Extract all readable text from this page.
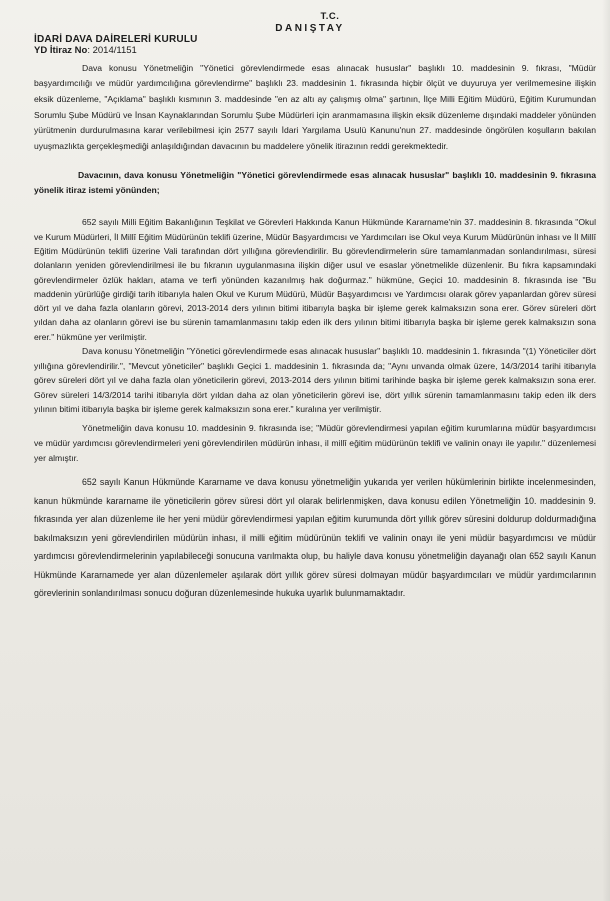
T.C.
DANIŞTAY
İDARİ DAVA DAİRELERİ KURULU
YD İtiraz No: 2014/1151

Dava konusu Yönetmeliğin "Yönetici görevlendirmede esas alınacak hususlar" başlıklı 10. maddesinin 9. fıkrası, "Müdür başyardımcılığı ve müdür yardımcılığına görevlendirme" başlıklı 23. maddesinin 1. fıkrasında hiçbir ölçüt ve duyuruya yer verilmemesine ilişkin eksik düzenleme, "Açıklama" başlıklı kısmının 3. maddesinde "en az altı ay çalışmış olma" şartının, İlçe Milli Eğitim Müdürü, Eğitim Kurumundan Sorumlu Şube Müdürü ve İnsan Kaynaklarından Sorumlu Şube Müdürleri için aranmamasına ilişkin eksik düzenleme dışındaki maddeler yönünden yürütmenin durdurulmasına karar verilebilmesi için 2577 sayılı İdari Yargılama Usulü Kanunu'nun 27. maddesinde öngörülen koşulların bakılan uyuşmazlıkta gerçekleşmediği anlaşıldığından davacının bu maddelere yönelik itirazının reddi gerekmektedir.

Davacının, dava konusu Yönetmeliğin "Yönetici görevlendirmede esas alınacak hususlar" başlıklı 10. maddesinin 9. fıkrasına yönelik itiraz istemi yönünden;

652 sayılı Milli Eğitim Bakanlığının Teşkilat ve Görevleri Hakkında Kanun Hükmünde Kararname'nin 37. maddesinin 8. fıkrasında "Okul ve Kurum Müdürleri, İl Millî Eğitim Müdürünün teklifi üzerine, Müdür Başyardımcısı ve Yardımcıları ise Okul veya Kurum Müdürünün inhası ve İl Millî Eğitim Müdürünün teklifi üzerine Vali tarafından dört yıllığına görevlendirilir. Bu görevlendirmelerin süre tamamlanmadan sonlandırılması, süresi dolanların yeniden görevlendirilmesi ile bu fıkranın uygulanmasına ilişkin diğer usul ve esaslar yönetmelikle düzenlenir. Bu fıkra kapsamındaki görevlendirmeler özlük hakları, atama ve terfi yönünden kazanılmış hak doğurmaz." hükmüne, Geçici 10. maddesinin 8. fıkrasında ise "Bu maddenin yürürlüğe girdiği tarih itibarıyla halen Okul ve Kurum Müdürü, Müdür Başyardımcısı ve Yardımcısı olarak görev yapanlardan görev süresi dört yıl ve daha fazla olanların görevi, 2013-2014 ders yılının bitimi itibarıyla başka bir işleme gerek kalmaksızın sona erer. Görev süreleri dört yıldan daha az olanların görevi ise bu sürenin tamamlanmasını takip eden ilk ders yılının bitimi itibarıyla başka bir işleme gerek kalmaksızın sona erer." hükmüne yer verilmiştir.

Dava konusu Yönetmeliğin "Yönetici görevlendirmede esas alınacak hususlar" başlıklı 10. maddesinin 1. fıkrasında "(1) Yöneticiler dört yıllığına görevlendirilir.", "Mevcut yöneticiler" başlıklı Geçici 1. maddesinin 1. fıkrasında da; "Aynı unvanda olmak üzere, 14/3/2014 tarihi itibarıyla görev süreleri dört yıl ve daha fazla olan yöneticilerin görevi, 2013-2014 ders yılının bitimi tarihinde başka bir işleme gerek kalmaksızın sona erer. Görev süreleri 14/3/2014 tarihi itibarıyla dört yıldan daha az olan yöneticilerin görevi ise, dört yıllık sürenin tamamlanmasını takip eden ilk ders yılının bitimi itibarıyla başka bir işleme gerek kalmaksızın sona erer." kuralına yer verilmiştir.

Yönetmeliğin dava konusu 10. maddesinin 9. fıkrasında ise; "Müdür görevlendirmesi yapılan eğitim kurumlarına müdür başyardımcısı ve müdür yardımcısı görevlendirmeleri yeni görevlendirilen müdürün inhası, il millî eğitim müdürünün teklifi ve valinin onayı ile yapılır." düzenlemesi yer almıştır.

652 sayılı Kanun Hükmünde Kararname ve dava konusu yönetmeliğin yukarıda yer verilen hükümlerinin birlikte incelenmesinden, kanun hükmünde kararname ile yöneticilerin görev süresi dört yıl olarak belirlenmişken, dava konusu edilen Yönetmeliğin 10. maddesinin 9. fıkrasında yer alan düzenleme ile her yeni müdür görevlendirmesi yapılan eğitim kurumunda dört yıllık görev süresini doldurup doldurmadığına bakılmaksızın yeni görevlendirilen müdürün inhası, il milli eğitim müdürünün teklifi ve valinin onayı ile yeni müdür başyardımcısı ve müdür yardımcısı görevlendirmelerinin yapılabileceği sonucuna varılmakta olup, bu haliyle dava konusu yönetmeliğin dayanağı olan 652 sayılı Kanun Hükmünde Kararnamede yer alan düzenlemeler aşılarak dört yıllık görev süresi dolmayan müdür başyardımcıları ve müdür yardımcılarının görevlerinin sonlandırılması sonucu doğuran düzenlemesinde hukuka uyarlık bulunmamaktadır.
